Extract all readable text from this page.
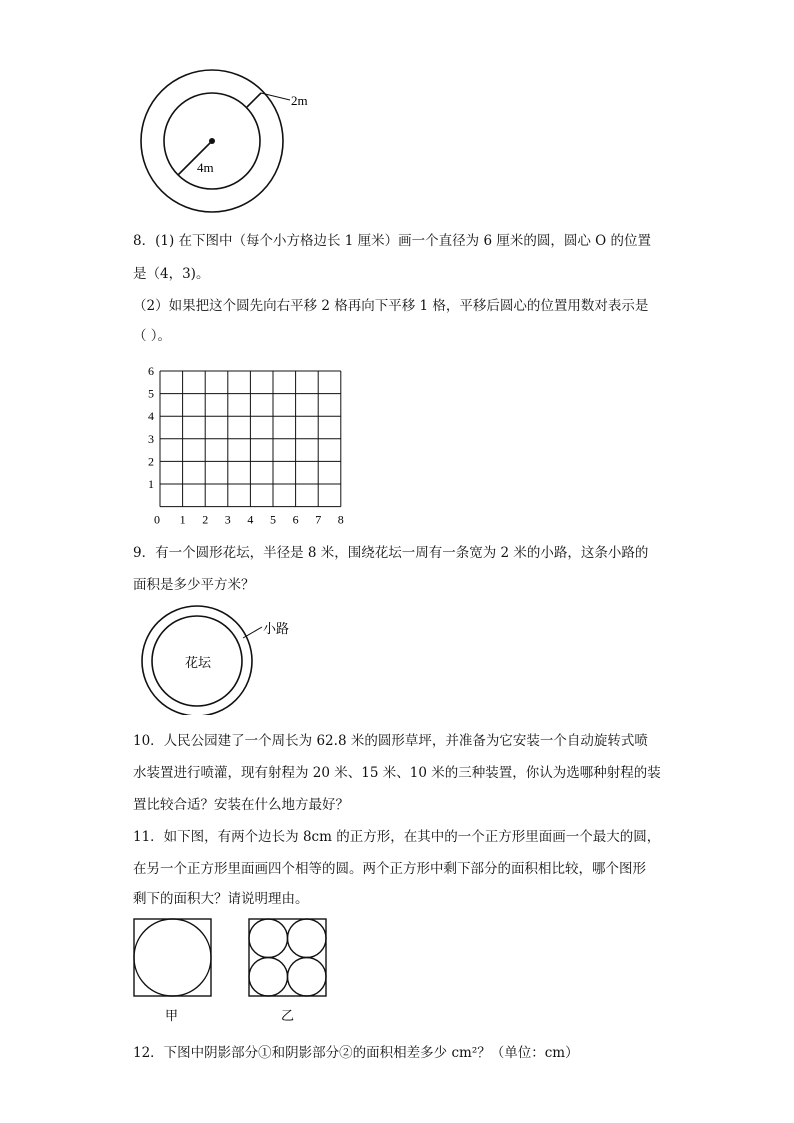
2m
4m
8．(1) 在下图中（每个小方格边长 1 厘米）画一个直径为 6 厘米的圆，圆心 O 的位置
是（4，3)。
（2）如果把这个圆先向右平移 2 格再向下平移 1 格，平移后圆心的位置用数对表示是
（ ）。
6
5
4
3
2
1
0 1 2 3 4 5 6 7 8
9．有一个圆形花坛，半径是 8 米，围绕花坛一周有一条宽为 2 米的小路，这条小路的
面积是多少平方米？
小路
花坛
10．人民公园建了一个周长为 62.8 米的圆形草坪，并准备为它安装一个自动旋转式喷
水装置进行喷灌，现有射程为 20 米、15 米、10 米的三种装置，你认为选哪种射程的装
置比较合适？安装在什么地方最好？
11．如下图，有两个边长为 8cm 的正方形，在其中的一个正方形里面画一个最大的圆，
在另一个正方形里面画四个相等的圆。两个正方形中剩下部分的面积相比较，哪个图形
剩下的面积大？请说明理由。
甲	乙
12．下图中阴影部分①和阴影部分②的面积相差多少 cm²？（单位：cm）
